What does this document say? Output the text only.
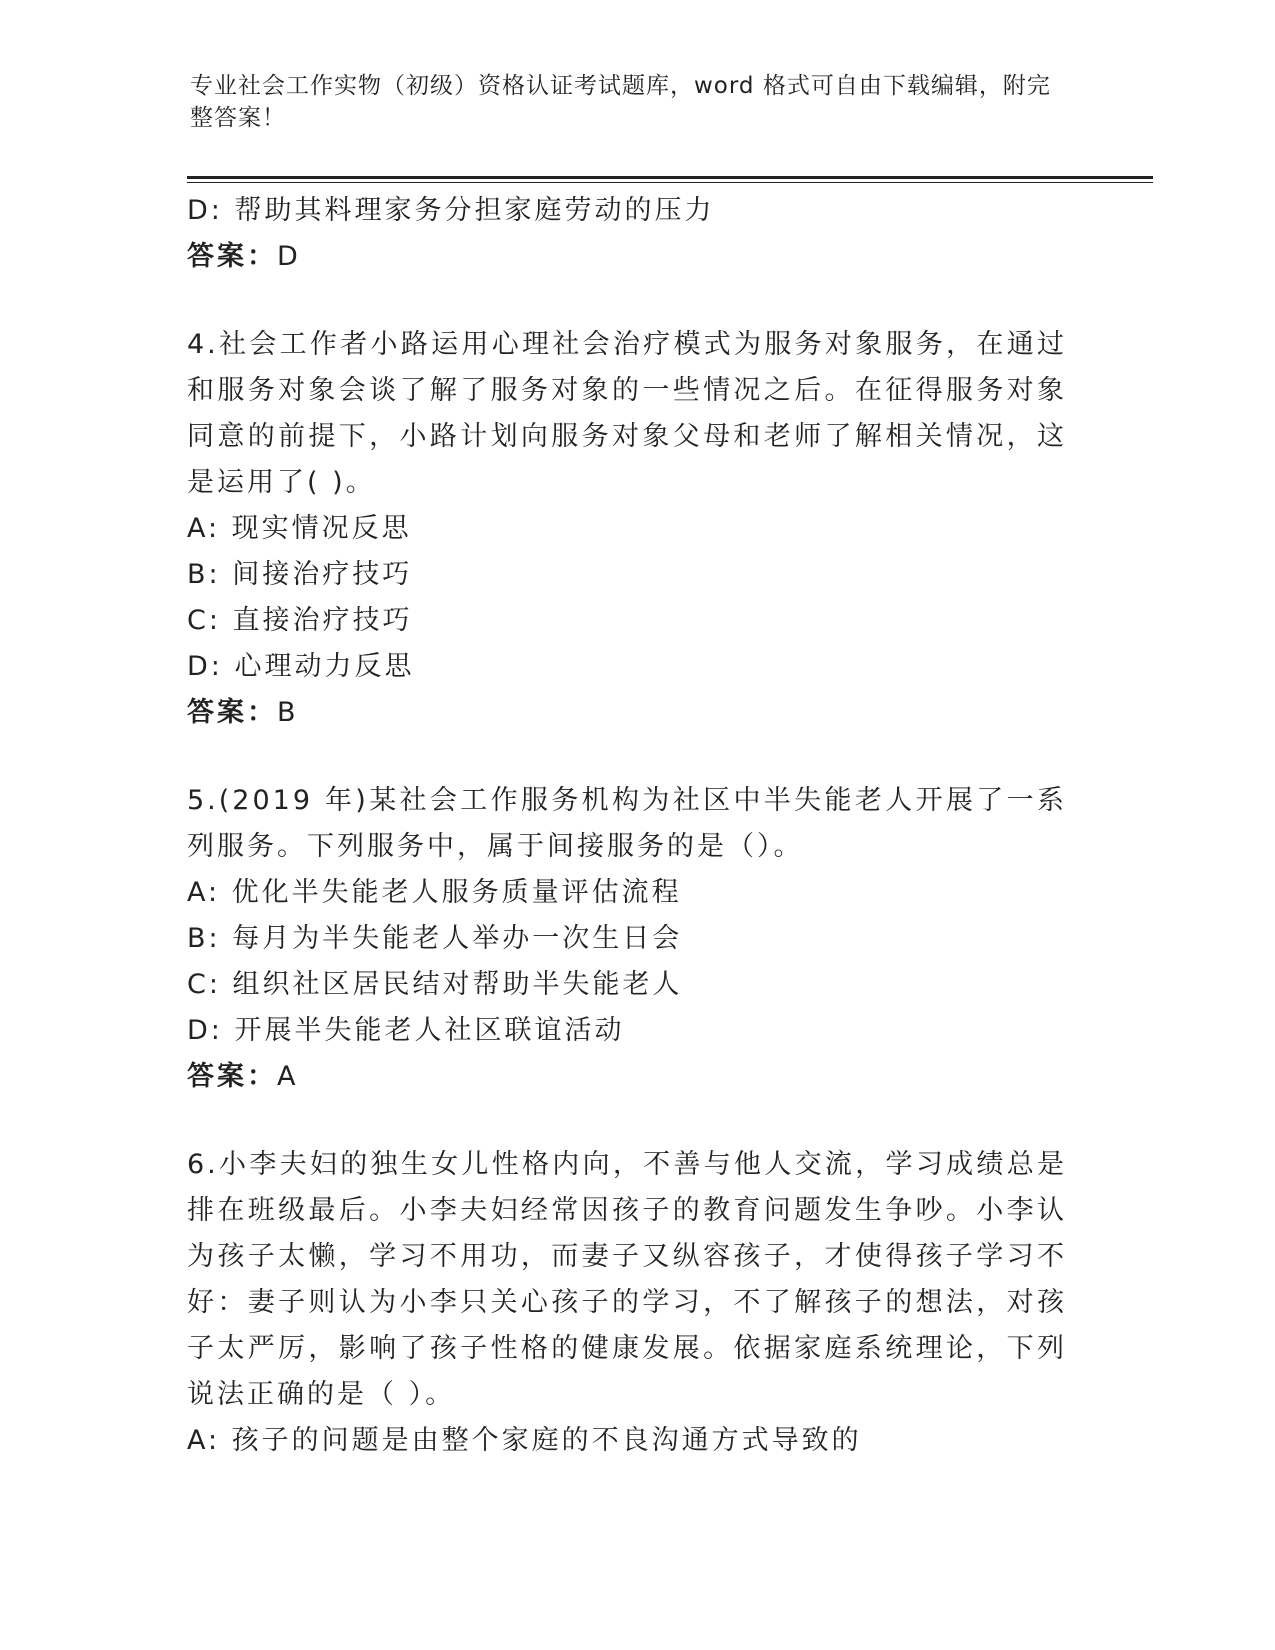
专业社会工作实物（初级）资格认证考试题库，word 格式可自由下载编辑，附完整答案！
D: 帮助其料理家务分担家庭劳动的压力
答案：D
4.社会工作者小路运用心理社会治疗模式为服务对象服务，在通过和服务对象会谈了解了服务对象的一些情况之后。在征得服务对象同意的前提下，小路计划向服务对象父母和老师了解相关情况，这是运用了( )。
A: 现实情况反思
B: 间接治疗技巧
C: 直接治疗技巧
D: 心理动力反思
答案：B
5.(2019 年)某社会工作服务机构为社区中半失能老人开展了一系列服务。下列服务中，属于间接服务的是（）。
A: 优化半失能老人服务质量评估流程
B: 每月为半失能老人举办一次生日会
C: 组织社区居民结对帮助半失能老人
D: 开展半失能老人社区联谊活动
答案：A
6.小李夫妇的独生女儿性格内向，不善与他人交流，学习成绩总是排在班级最后。小李夫妇经常因孩子的教育问题发生争吵。小李认为孩子太懒，学习不用功，而妻子又纵容孩子，才使得孩子学习不好：妻子则认为小李只关心孩子的学习，不了解孩子的想法，对孩子太严厉，影响了孩子性格的健康发展。依据家庭系统理论，下列说法正确的是（ ）。
A: 孩子的问题是由整个家庭的不良沟通方式导致的
